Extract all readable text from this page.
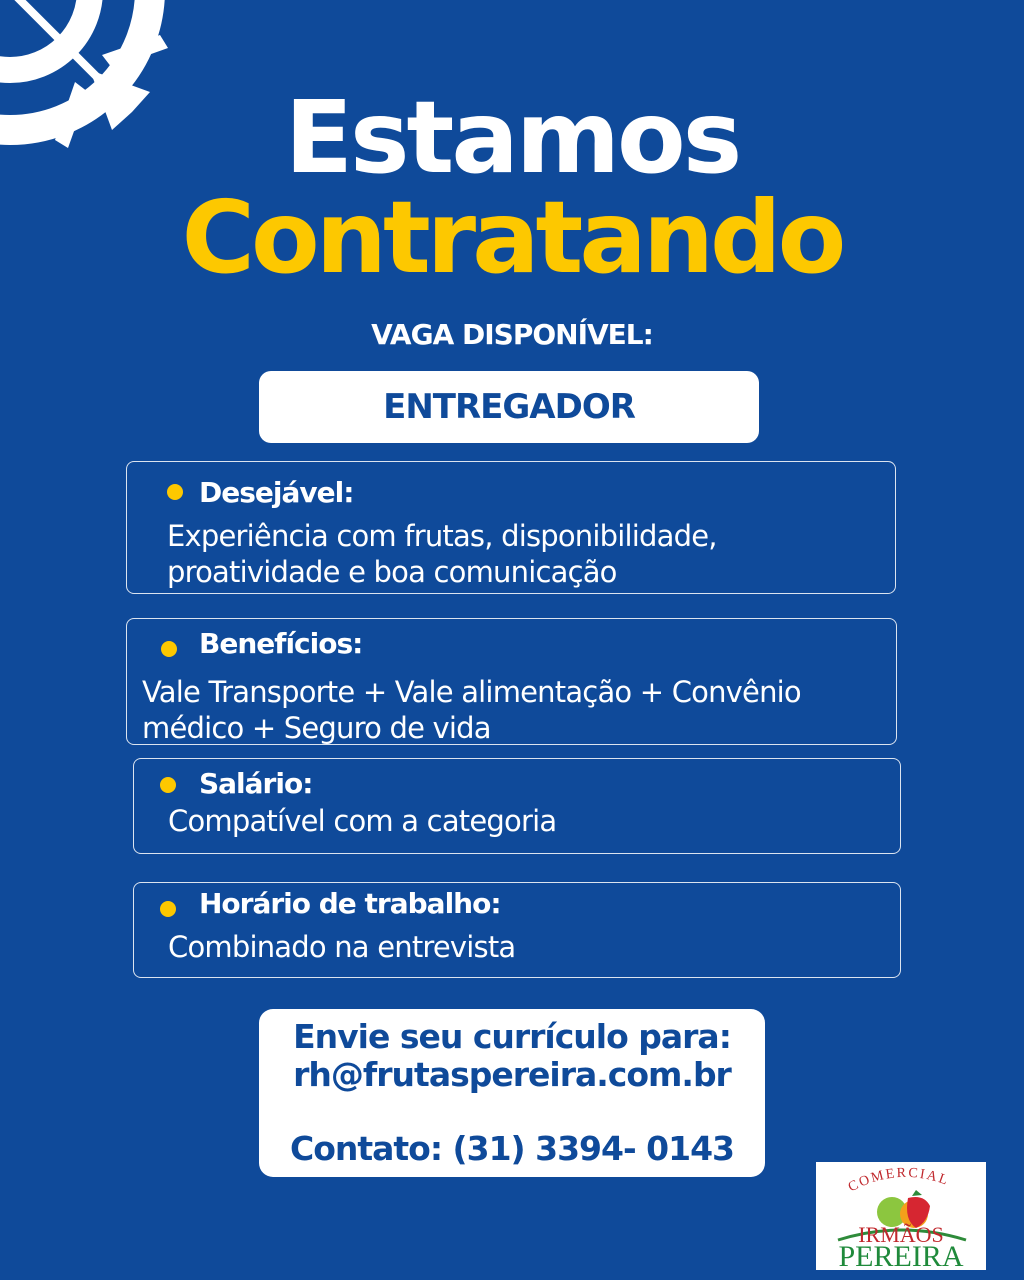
Estamos
Contratando
VAGA DISPONÍVEL:
ENTREGADOR
Desejável:
Experiência com frutas, disponibilidade,
proatividade e boa comunicação
Benefícios:
Vale Transporte + Vale alimentação + Convênio
médico + Seguro de vida
Salário:
Compatível com a categoria
Horário de trabalho:
Combinado na entrevista
Envie seu currículo para:
rh@frutaspereira.com.br
Contato: (31) 3394- 0143
COMERCIAL
IRMÃOS
PEREIRA
